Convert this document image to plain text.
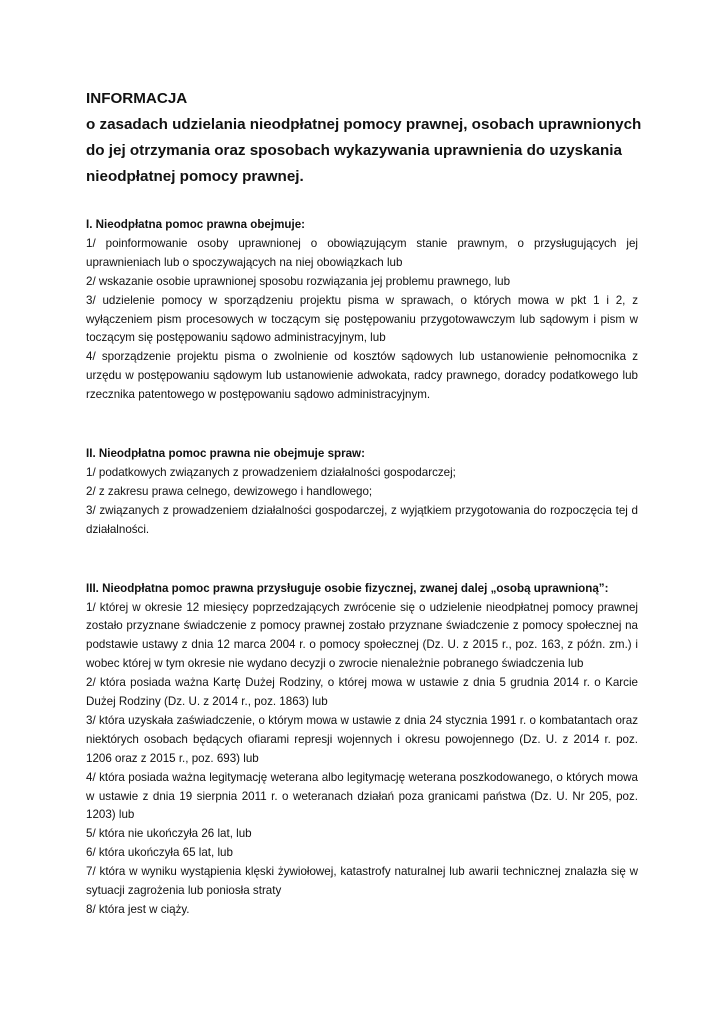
INFORMACJA
o zasadach udzielania nieodpłatnej pomocy prawnej, osobach uprawnionych
do jej otrzymania oraz sposobach wykazywania uprawnienia do uzyskania
nieodpłatnej pomocy prawnej.
I. Nieodpłatna pomoc prawna obejmuje:

1/ poinformowanie osoby uprawnionej o obowiązującym stanie prawnym, o przysługujących jej uprawnieniach lub o spoczywających na niej obowiązkach lub

2/ wskazanie osobie uprawnionej sposobu rozwiązania jej problemu prawnego, lub

3/ udzielenie pomocy w sporządzeniu projektu pisma w sprawach, o których mowa w pkt 1 i 2, z wyłączeniem pism procesowych w toczącym się postępowaniu przygotowawczym lub sądowym i pism w toczącym się postępowaniu sądowo administracyjnym, lub

4/ sporządzenie projektu pisma o zwolnienie od kosztów sądowych lub ustanowienie pełnomocnika z urzędu w postępowaniu sądowym lub ustanowienie adwokata, radcy prawnego, doradcy podatkowego lub rzecznika patentowego w postępowaniu sądowo administracyjnym.

II. Nieodpłatna pomoc prawna nie obejmuje spraw:

1/ podatkowych związanych z prowadzeniem działalności gospodarczej;

2/ z zakresu prawa celnego, dewizowego i handlowego;

3/ związanych z prowadzeniem działalności gospodarczej, z wyjątkiem przygotowania do rozpoczęcia tej d działalności.

III. Nieodpłatna pomoc prawna przysługuje osobie fizycznej, zwanej dalej „osobą uprawnioną”:

1/ której w okresie 12 miesięcy poprzedzających zwrócenie się o udzielenie nieodpłatnej pomocy prawnej zostało przyznane świadczenie z pomocy prawnej zostało przyznane świadczenie z pomocy społecznej na podstawie ustawy z dnia 12 marca 2004 r. o pomocy społecznej (Dz. U. z 2015 r., poz. 163, z późn. zm.) i wobec której w tym okresie nie wydano decyzji o zwrocie nienależnie pobranego świadczenia lub

2/ która posiada ważna Kartę Dużej Rodziny, o której mowa w ustawie z dnia 5 grudnia 2014 r. o Karcie Dużej Rodziny (Dz. U. z 2014 r., poz. 1863) lub

3/ która uzyskała zaświadczenie, o którym mowa w ustawie z dnia 24 stycznia 1991 r. o kombatantach oraz niektórych osobach będących ofiarami represji wojennych i okresu powojennego (Dz. U. z 2014 r. poz. 1206 oraz z 2015 r., poz. 693) lub

4/ która posiada ważna legitymację weterana albo legitymację weterana poszkodowanego, o których mowa w ustawie z dnia 19 sierpnia 2011 r. o weteranach działań poza granicami państwa (Dz. U. Nr 205, poz. 1203) lub

5/ która nie ukończyła 26 lat, lub

6/ która ukończyła 65 lat, lub

7/ która w wyniku wystąpienia klęski żywiołowej, katastrofy naturalnej lub awarii technicznej znalazła się w sytuacji zagrożenia lub poniosła straty

8/ która jest w ciąży.
